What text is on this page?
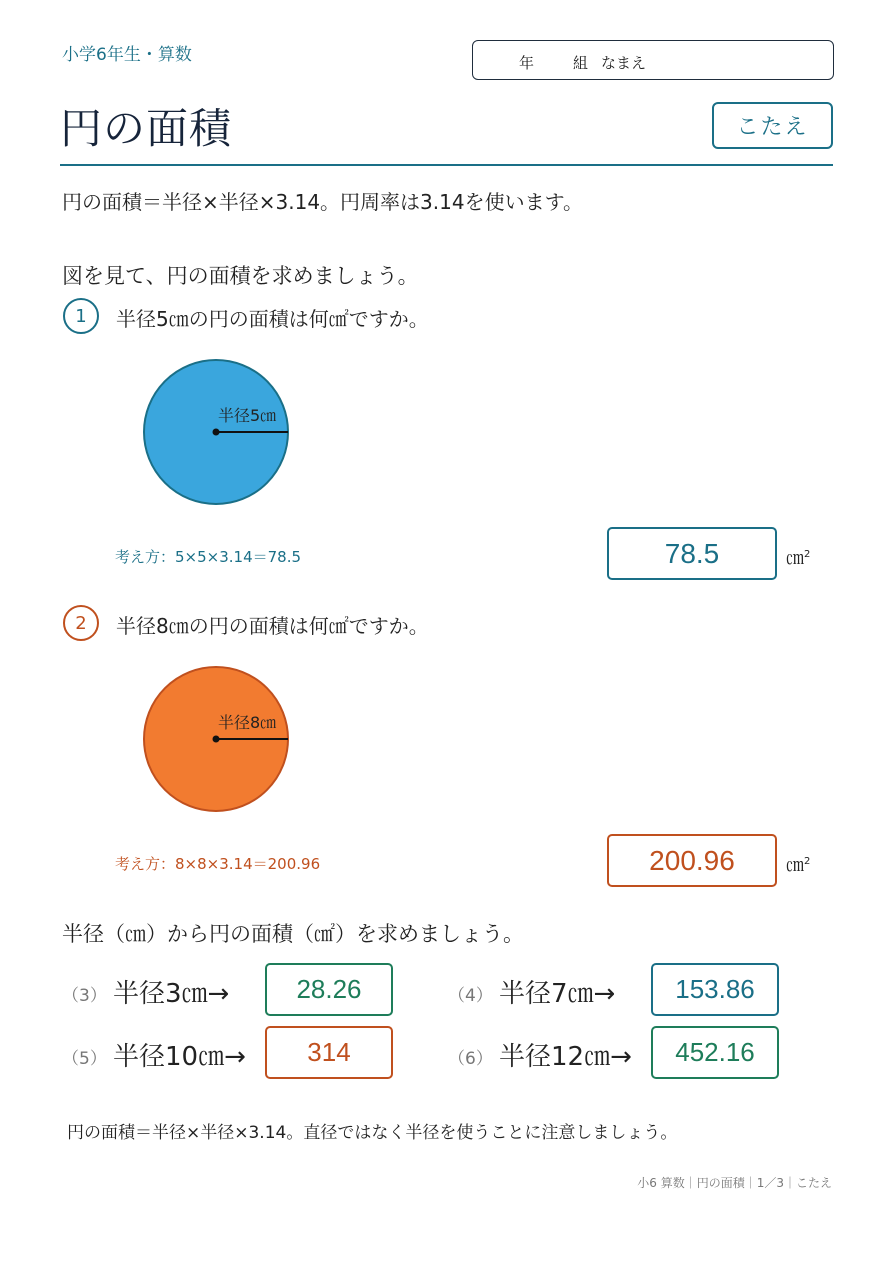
小学6年生・算数	年	組 なまえ
円の面積	こたえ
円の面積＝半径×半径×3.14。円周率は3.14を使います。
図を見て、円の面積を求めましょう。
1	半径5㎝の円の面積は何㎠ですか。
半径5㎝
考え方：5×5×3.14＝78.5	78.5	㎝$^2$
2	半径8㎝の円の面積は何㎠ですか。
半径8㎝
考え方：8×8×3.14＝200.96	200.96	㎝$^2$
半径（㎝）から円の面積（㎠）を求めましょう。
（3） 半径3㎝→	28.26	（4） 半径7㎝→	153.86
（5） 半径10㎝→	314	（6） 半径12㎝→	452.16
円の面積＝半径×半径×3.14。直径ではなく半径を使うことに注意しましょう。
小6 算数｜円の面積｜1／3｜こたえ
